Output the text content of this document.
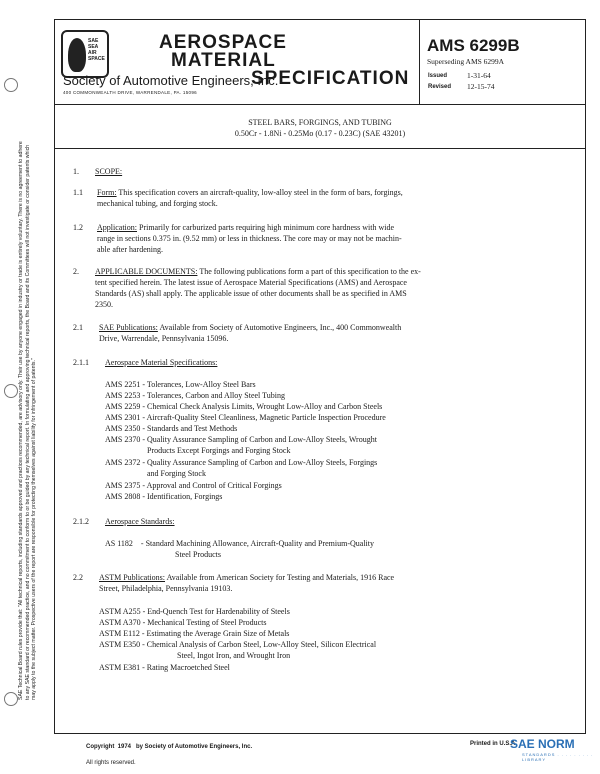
SAE Technical Board rules provide that: "All technical reports, including standards approved and practices recommended, are advisory only. Their use by anyone engaged in industry or trade is entirely voluntary. There is no agreement to adhere to any SAE standard or recommended practice, and no commitment to conform to or be guided by any technical report. In formulating and approving technical reports, the Board and its Committees will not investigate or consider patents which may apply to the subject matter. Prospective users of the report are responsible for protecting themselves against liability for infringement of patents."
SAE
SEA
AIR
SPACE
AEROSPACE
MATERIAL
SPECIFICATION
Society of Automotive Engineers, Inc.
400 COMMONWEALTH DRIVE, WARRENDALE, PA. 15096
AMS 6299B
Superseding AMS 6299A
Issued	1-31-64
Revised 12-15-74
STEEL BARS, FORGINGS, AND TUBING
0.50Cr - 1.8Ni - 0.25Mo (0.17 - 0.23C) (SAE 43201)
1. SCOPE:
1.1 Form: This specification covers an aircraft-quality, low-alloy steel in the form of bars, forgings,
mechanical tubing, and forging stock.
1.2 Application: Primarily for carburized parts requiring high minimum core hardness with wide
range in sections 0.375 in. (9.52 mm) or less in thickness. The core may or may not be machin-
able after hardening.
2. APPLICABLE DOCUMENTS: The following publications form a part of this specification to the ex-
tent specified herein. The latest issue of Aerospace Material Specifications (AMS) and Aerospace
Standards (AS) shall apply. The applicable issue of other documents shall be as specified in AMS
2350.
2.1 SAE Publications: Available from Society of Automotive Engineers, Inc., 400 Commonwealth
Drive, Warrendale, Pennsylvania 15096.
2.1.1 Aerospace Material Specifications:
AMS 2251 - Tolerances, Low-Alloy Steel Bars
AMS 2253 - Tolerances, Carbon and Alloy Steel Tubing
AMS 2259 - Chemical Check Analysis Limits, Wrought Low-Alloy and Carbon Steels
AMS 2301 - Aircraft-Quality Steel Cleanliness, Magnetic Particle Inspection Procedure
AMS 2350 - Standards and Test Methods
AMS 2370 - Quality Assurance Sampling of Carbon and Low-Alloy Steels, Wrought
Products Except Forgings and Forging Stock
AMS 2372 - Quality Assurance Sampling of Carbon and Low-Alloy Steels, Forgings
and Forging Stock
AMS 2375 - Approval and Control of Critical Forgings
AMS 2808 - Identification, Forgings
2.1.2 Aerospace Standards:
AS 1182    - Standard Machining Allowance, Aircraft-Quality and Premium-Quality
Steel Products
2.2 ASTM Publications: Available from American Society for Testing and Materials, 1916 Race
Street, Philadelphia, Pennsylvania 19103.
ASTM A255 - End-Quench Test for Hardenability of Steels
ASTM A370 - Mechanical Testing of Steel Products
ASTM E112 - Estimating the Average Grain Size of Metals
ASTM E350 - Chemical Analysis of Carbon Steel, Low-Alloy Steel, Silicon Electrical
Steel, Ingot Iron, and Wrought Iron
ASTM E381 - Rating Macroetched Steel
Copyright  1974   by Society of Automotive Engineers, Inc.
All rights reserved.
Printed in U.S.A.
SAE NORM
STANDARDS . . . . . . . . . LIBRARY
